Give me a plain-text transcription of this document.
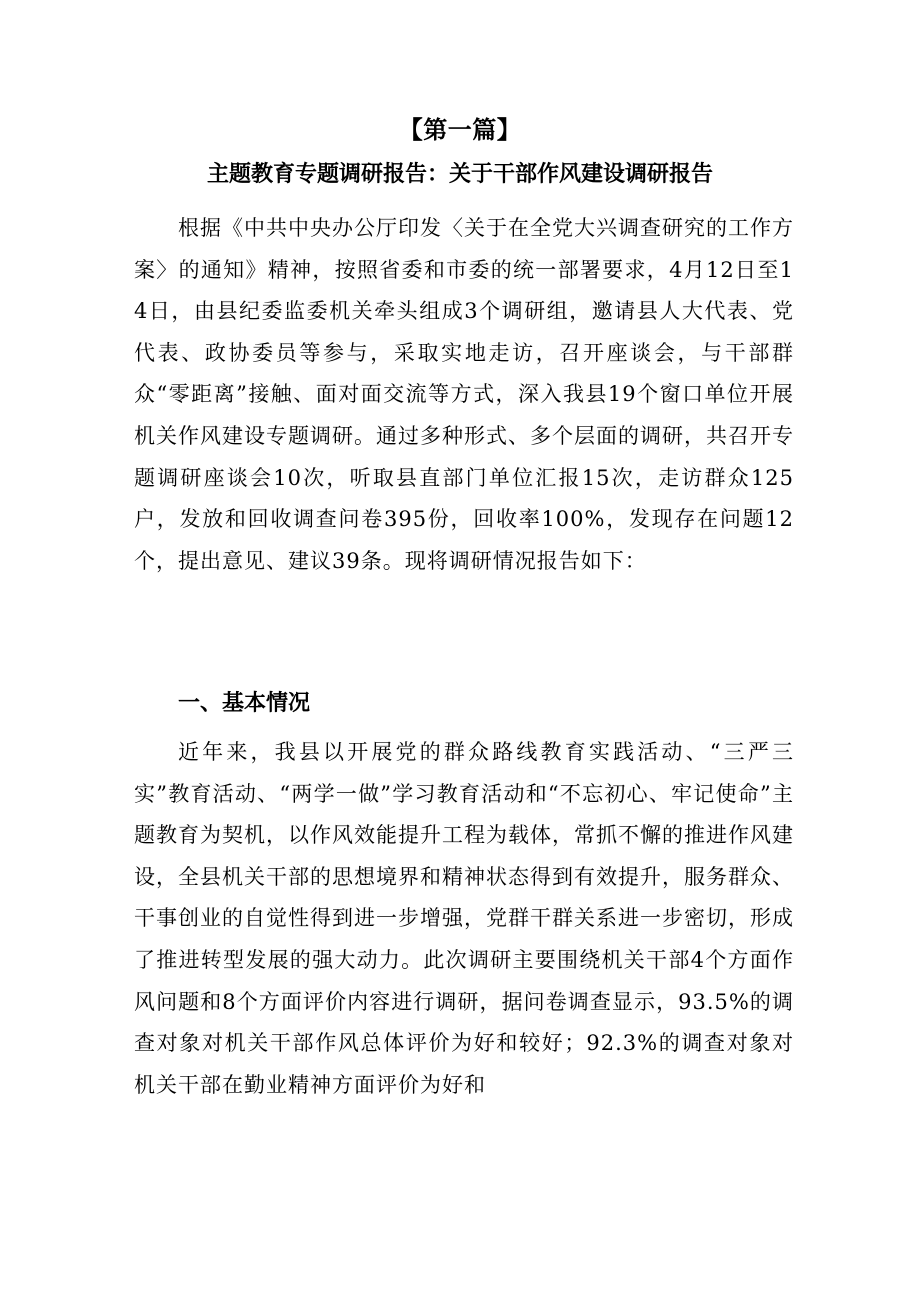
【第一篇】
主题教育专题调研报告：关于干部作风建设调研报告

根据《中共中央办公厅印发〈关于在全党大兴调查研究的工作方案〉的通知》精神，按照省委和市委的统一部署要求，4月12日至14日，由县纪委监委机关牵头组成3个调研组，邀请县人大代表、党代表、政协委员等参与，采取实地走访，召开座谈会，与干部群众“零距离”接触、面对面交流等方式，深入我县19个窗口单位开展机关作风建设专题调研。通过多种形式、多个层面的调研，共召开专题调研座谈会10次，听取县直部门单位汇报15次，走访群众125户，发放和回收调查问卷395份，回收率100%，发现存在问题12个，提出意见、建议39条。现将调研情况报告如下：

一、基本情况

近年来，我县以开展党的群众路线教育实践活动、“三严三实”教育活动、“两学一做”学习教育活动和“不忘初心、牢记使命”主题教育为契机，以作风效能提升工程为载体，常抓不懈的推进作风建设，全县机关干部的思想境界和精神状态得到有效提升，服务群众、干事创业的自觉性得到进一步增强，党群干群关系进一步密切，形成了推进转型发展的强大动力。此次调研主要围绕机关干部4个方面作风问题和8个方面评价内容进行调研，据问卷调查显示，93.5%的调查对象对机关干部作风总体评价为好和较好；92.3%的调查对象对机关干部在勤业精神方面评价为好和
